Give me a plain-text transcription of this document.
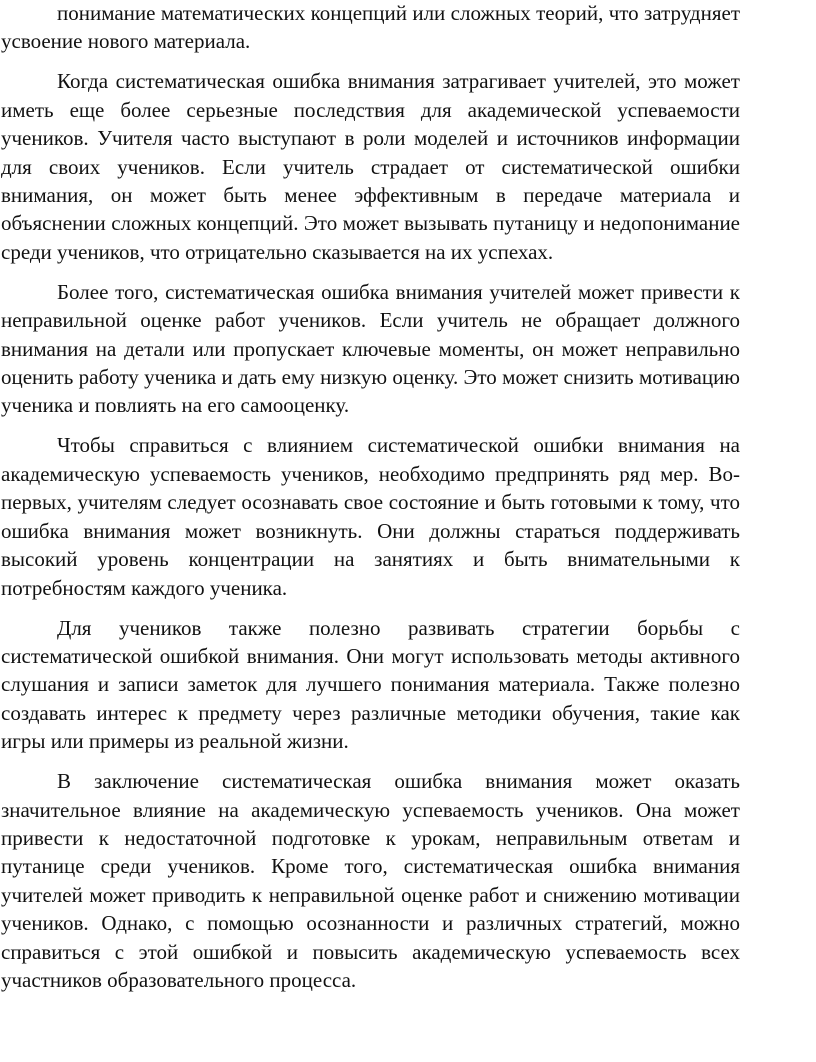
понимание математических концепций или сложных теорий, что затрудняет усвоение нового материала.

Когда систематическая ошибка внимания затрагивает учителей, это может иметь еще более серьезные последствия для академической успеваемости учеников. Учителя часто выступают в роли моделей и источников информации для своих учеников. Если учитель страдает от систематической ошибки внимания, он может быть менее эффективным в передаче материала и объяснении сложных концепций. Это может вызывать путаницу и недопонимание среди учеников, что отрицательно сказывается на их успехах.

Более того, систематическая ошибка внимания учителей может привести к неправильной оценке работ учеников. Если учитель не обращает должного внимания на детали или пропускает ключевые моменты, он может неправильно оценить работу ученика и дать ему низкую оценку. Это может снизить мотивацию ученика и повлиять на его самооценку.

Чтобы справиться с влиянием систематической ошибки внимания на академическую успеваемость учеников, необходимо предпринять ряд мер. Во-первых, учителям следует осознавать свое состояние и быть готовыми к тому, что ошибка внимания может возникнуть. Они должны стараться поддерживать высокий уровень концентрации на занятиях и быть внимательными к потребностям каждого ученика.

Для учеников также полезно развивать стратегии борьбы с систематической ошибкой внимания. Они могут использовать методы активного слушания и записи заметок для лучшего понимания материала. Также полезно создавать интерес к предмету через различные методики обучения, такие как игры или примеры из реальной жизни.

В заключение систематическая ошибка внимания может оказать значительное влияние на академическую успеваемость учеников. Она может привести к недостаточной подготовке к урокам, неправильным ответам и путанице среди учеников. Кроме того, систематическая ошибка внимания учителей может приводить к неправильной оценке работ и снижению мотивации учеников. Однако, с помощью осознанности и различных стратегий, можно справиться с этой ошибкой и повысить академическую успеваемость всех участников образовательного процесса.
